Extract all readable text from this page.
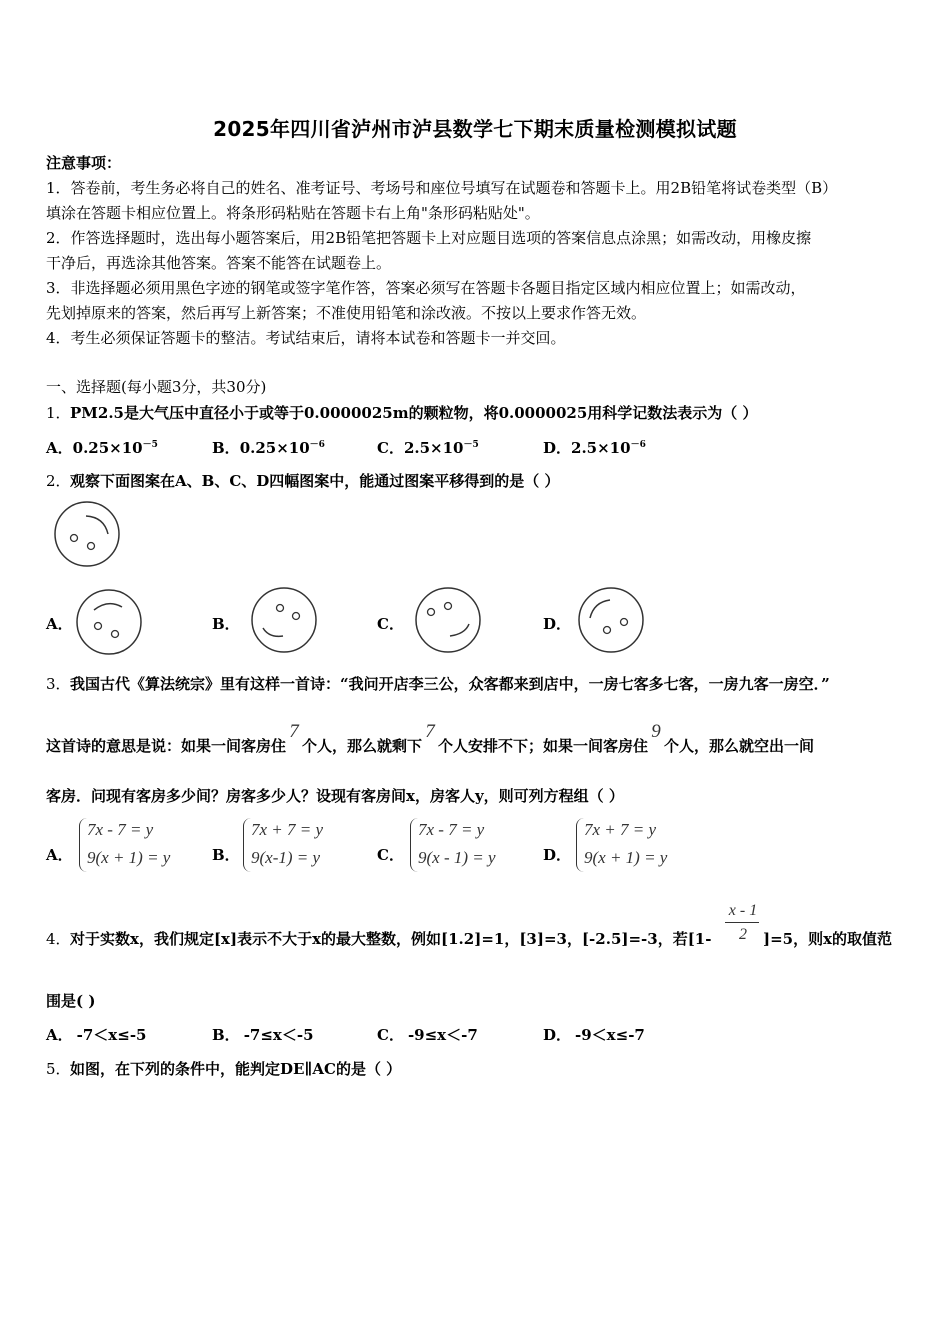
2025年四川省泸州市泸县数学七下期末质量检测模拟试题
注意事项：
1．答卷前，考生务必将自己的姓名、准考证号、考场号和座位号填写在试题卷和答题卡上。用2B铅笔将试卷类型（B）
填涂在答题卡相应位置上。将条形码粘贴在答题卡右上角"条形码粘贴处"。
2．作答选择题时，选出每小题答案后，用2B铅笔把答题卡上对应题目选项的答案信息点涂黑；如需改动，用橡皮擦
干净后，再选涂其他答案。答案不能答在试题卷上。
3．非选择题必须用黑色字迹的钢笔或签字笔作答，答案必须写在答题卡各题目指定区域内相应位置上；如需改动，
先划掉原来的答案，然后再写上新答案；不准使用铅笔和涂改液。不按以上要求作答无效。
4．考生必须保证答题卡的整洁。考试结束后，请将本试卷和答题卡一并交回。
一、选择题(每小题3分，共30分)
1． PM2.5是大气压中直径小于或等于0.0000025m的颗粒物，将0.0000025用科学记数法表示为（ ）
A．$0.25\times 10^{-5}$	B．$0.25\times 10^{-6}$	C．$2.5\times 10^{-5}$	D．$2.5\times 10^{-6}$
2． 观察下面图案在A、B、C、D四幅图案中，能通过图案平移得到的是（ ）
A．	B．	C．	D．
3． 我国古代《算法统宗》里有这样一首诗：“我问开店李三公，众客都来到店中，一房七客多七客，一房九客一房空．”
这首诗的意思是说：如果一间客房住7个人，那么就剩下7个人安排不下；如果一间客房住9个人，那么就空出一间
客房．问现有客房多少间？房客多少人？设现有客房间x，房客人y，则可列方程组（ ）
A．
7x - 7 = y
9(x + 1) = y	B．
7x + 7 = y
9(x-1) = y	C．
7x - 7 = y
9(x - 1) = y	D．
7x + 7 = y
9(x + 1) = y
4． 对于实数x，我们规定[x]表示不大于x的最大整数，例如[1.2]=1，[3]=3，[-2.5]=-3，若[1-
x - 1
2	]=5，则x的取值范
围是( )
A． -7＜x≤-5	B． -7≤x＜-5	C． -9≤x＜-7	D． -9＜x≤-7
5． 如图，在下列的条件中，能判定DE∥AC的是（ ）
